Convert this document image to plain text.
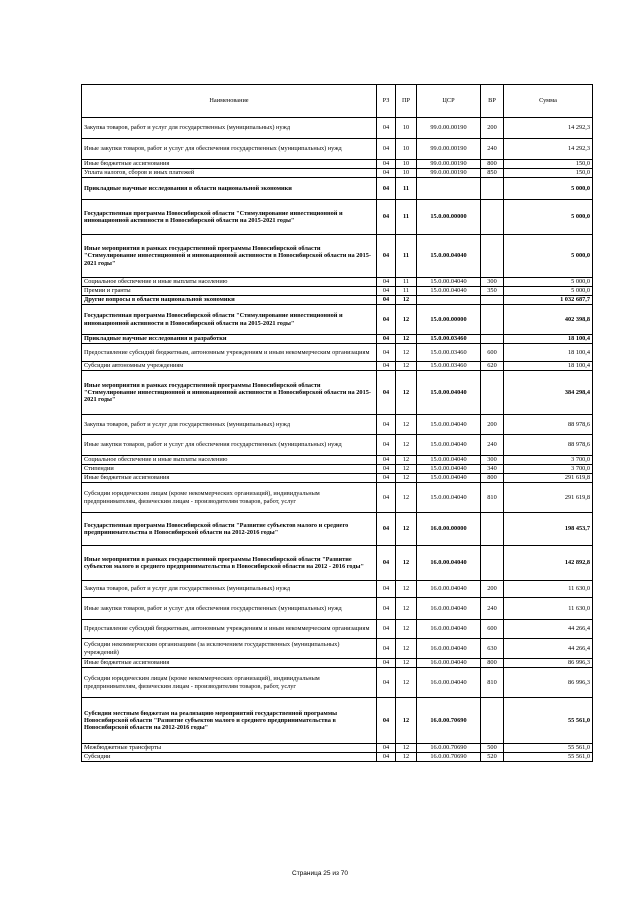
Наименование	РЗ	ПР	ЦСР	ВР	Сумма
Закупка товаров, работ и услуг для государственных (муниципальных) нужд	04	10	99.0.00.00190	200	14 292,3
Иные закупки товаров, работ и услуг для обеспечения государственных (муниципальных) нужд	04	10	99.0.00.00190	240	14 292,3
Иные бюджетные ассигнования	04	10	99.0.00.00190	800	150,0
Уплата налогов, сборов и иных платежей	04	10	99.0.00.00190	850	150,0
Прикладные научные исследования в области национальной экономики	04	11			5 000,0
Государственная программа Новосибирской области "Стимулирование инвестиционной и инновационной активности в Новосибирской области на 2015-2021 годы"	04	11	15.0.00.00000		5 000,0
Иные мероприятия в рамках государственной программы Новосибирской области "Стимулирование инвестиционной и инновационной активности в Новосибирской области на 2015-2021 годы"	04	11	15.0.00.04040		5 000,0
Социальное обеспечение и иные выплаты населению	04	11	15.0.00.04040	300	5 000,0
Премии и гранты	04	11	15.0.00.04040	350	5 000,0
Другие вопросы в области национальной экономики	04	12			1 032 687,7
Государственная программа Новосибирской области "Стимулирование инвестиционной и инновационной активности в Новосибирской области на 2015-2021 годы"	04	12	15.0.00.00000		402 398,8
Прикладные научные исследования и разработки	04	12	15.0.00.03460		18 100,4
Предоставление субсидий бюджетным, автономным учреждениям и иным некоммерческим организациям	04	12	15.0.00.03460	600	18 100,4
Субсидии автономным учреждениям	04	12	15.0.00.03460	620	18 100,4
Иные мероприятия в рамках государственной программы Новосибирской области "Стимулирование инвестиционной и инновационной активности в Новосибирской области на 2015-2021 годы"	04	12	15.0.00.04040		384 298,4
Закупка товаров, работ и услуг для государственных (муниципальных) нужд	04	12	15.0.00.04040	200	88 978,6
Иные закупки товаров, работ и услуг для обеспечения государственных (муниципальных) нужд	04	12	15.0.00.04040	240	88 978,6
Социальное обеспечение и иные выплаты населению	04	12	15.0.00.04040	300	3 700,0
Стипендии	04	12	15.0.00.04040	340	3 700,0
Иные бюджетные ассигнования	04	12	15.0.00.04040	800	291 619,8
Субсидии юридическим лицам (кроме некоммерческих организаций), индивидуальным предпринимателям, физическим лицам - производителям товаров, работ, услуг	04	12	15.0.00.04040	810	291 619,8
Государственная программа Новосибирской области "Развитие субъектов малого и среднего предпринимательства в Новосибирской области на 2012-2016 годы"	04	12	16.0.00.00000		198 453,7
Иные мероприятия в рамках государственной программы Новосибирской области "Развитие субъектов малого и среднего предпринимательства в Новосибирской области на 2012 - 2016 годы"	04	12	16.0.00.04040		142 892,8
Закупка товаров, работ и услуг для государственных (муниципальных) нужд	04	12	16.0.00.04040	200	11 630,0
Иные закупки товаров, работ и услуг для обеспечения государственных (муниципальных) нужд	04	12	16.0.00.04040	240	11 630,0
Предоставление субсидий бюджетным, автономным учреждениям и иным некоммерческим организациям	04	12	16.0.00.04040	600	44 266,4
Субсидии некоммерческим организациям (за исключением государственных (муниципальных) учреждений)	04	12	16.0.00.04040	630	44 266,4
Иные бюджетные ассигнования	04	12	16.0.00.04040	800	86 996,3
Субсидии юридическим лицам (кроме некоммерческих организаций), индивидуальным предпринимателям, физическим лицам - производителям товаров, работ, услуг	04	12	16.0.00.04040	810	86 996,3
Субсидии местным бюджетам на реализацию мероприятий государственной программы Новосибирской области "Развитие субъектов малого и среднего предпринимательства в Новосибирской области на 2012-2016 годы"	04	12	16.0.00.70690		55 561,0
Межбюджетные трансферты	04	12	16.0.00.70690	500	55 561,0
Субсидии	04	12	16.0.00.70690	520	55 561,0
Страница 25 из 70
